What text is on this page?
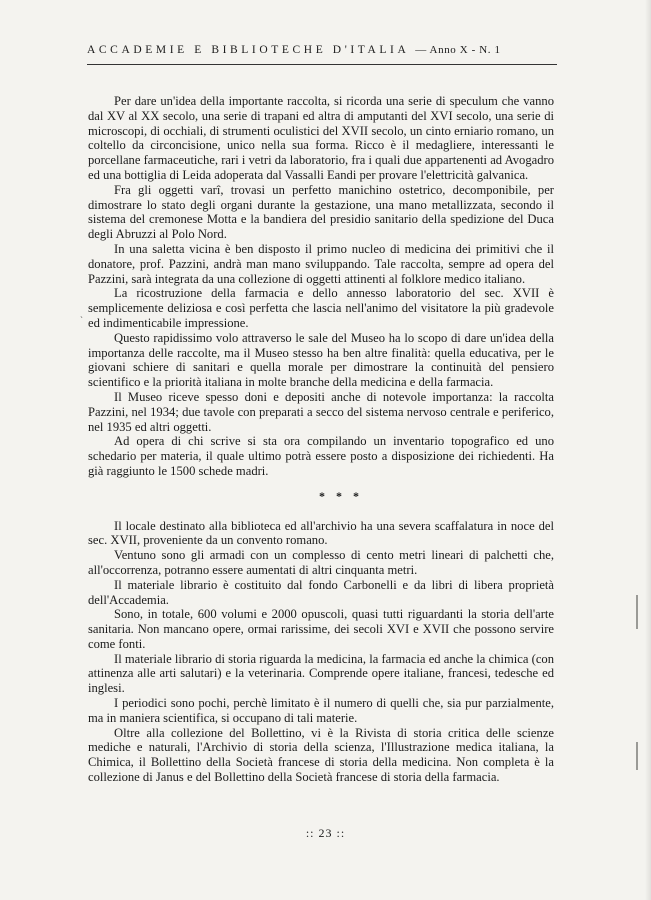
ACCADEMIE E BIBLIOTECHE D'ITALIA — Anno X - N. 1
`

Per dare un'idea della importante raccolta, si ricorda una serie di speculum che vanno dal XV al XX secolo, una serie di trapani ed altra di amputanti del XVI secolo, una serie di microscopi, di occhiali, di strumenti oculistici del XVII secolo, un cinto erniario romano, un coltello da circoncisione, unico nella sua forma. Ricco è il medagliere, interessanti le porcellane farmaceutiche, rari i vetri da laboratorio, fra i quali due appartenenti ad Avogadro ed una bottiglia di Leida adoperata dal Vassalli Eandi per provare l'elettricità galvanica.

Fra gli oggetti varî, trovasi un perfetto manichino ostetrico, decomponibile, per dimostrare lo stato degli organi durante la gestazione, una mano metallizzata, secondo il sistema del cremonese Motta e la bandiera del presidio sanitario della spedizione del Duca degli Abruzzi al Polo Nord.

In una saletta vicina è ben disposto il primo nucleo di medicina dei primitivi che il donatore, prof. Pazzini, andrà man mano sviluppando. Tale raccolta, sempre ad opera del Pazzini, sarà integrata da una collezione di oggetti attinenti al folklore medico italiano.

La ricostruzione della farmacia e dello annesso laboratorio del sec. XVII è semplicemente deliziosa e così perfetta che lascia nell'animo del visitatore la più gradevole ed indimenticabile impressione.

Questo rapidissimo volo attraverso le sale del Museo ha lo scopo di dare un'idea della importanza delle raccolte, ma il Museo stesso ha ben altre finalità: quella educativa, per le giovani schiere di sanitari e quella morale per dimostrare la continuità del pensiero scientifico e la priorità italiana in molte branche della medicina e della farmacia.

Il Museo riceve spesso doni e depositi anche di notevole importanza: la raccolta Pazzini, nel 1934; due tavole con preparati a secco del sistema nervoso centrale e periferico, nel 1935 ed altri oggetti.

Ad opera di chi scrive si sta ora compilando un inventario topografico ed uno schedario per materia, il quale ultimo potrà essere posto a disposizione dei richiedenti. Ha già raggiunto le 1500 schede madri.

* * *

Il locale destinato alla biblioteca ed all'archivio ha una severa scaffalatura in noce del sec. XVII, proveniente da un convento romano.

Ventuno sono gli armadi con un complesso di cento metri lineari di palchetti che, all'occorrenza, potranno essere aumentati di altri cinquanta metri.

Il materiale librario è costituito dal fondo Carbonelli e da libri di libera proprietà dell'Accademia.

Sono, in totale, 600 volumi e 2000 opuscoli, quasi tutti riguardanti la storia dell'arte sanitaria. Non mancano opere, ormai rarissime, dei secoli XVI e XVII che possono servire come fonti.

Il materiale librario di storia riguarda la medicina, la farmacia ed anche la chimica (con attinenza alle arti salutari) e la veterinaria. Comprende opere italiane, francesi, tedesche ed inglesi.

I periodici sono pochi, perchè limitato è il numero di quelli che, sia pur parzialmente, ma in maniera scientifica, si occupano di tali materie.

Oltre alla collezione del Bollettino, vi è la Rivista di storia critica delle scienze mediche e naturali, l'Archivio di storia della scienza, l'Illustrazione medica italiana, la Chimica, il Bollettino della Società francese di storia della medicina. Non completa è la collezione di Janus e del Bollettino della Società francese di storia della farmacia.

:: 23 ::
